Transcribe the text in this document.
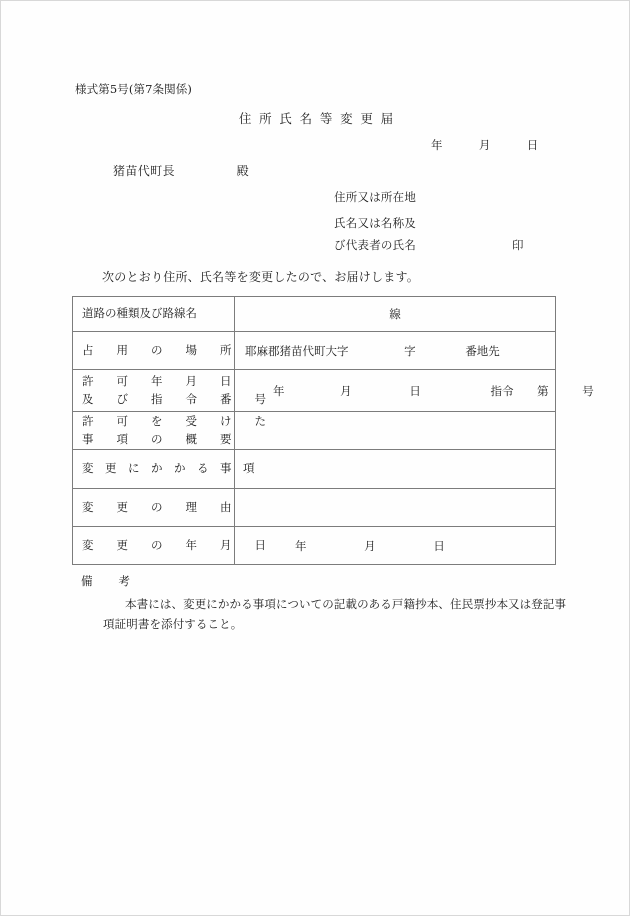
様式第5号(第7条関係)
住所氏名等変更届
年	月	日
猪苗代町長	殿
住所又は所在地
氏名又は名称及
び代表者の氏名	印
次のとおり住所、氏名等を変更したので、お届けします。
道路の種類及び路線名	線

占　用　の　場　所	耶麻郡猪苗代町大字 字 番地先

許　可　年　月　日
及　び　指　令　番　号	年 月 日 指令 第 号

許　可　を　受　け　た
事　項　の　概　要	

変　更　に　か　か　る　事　項	

変　更　の　理　由	

変　更　の　年　月　日	年 月 日
備 考
本書には、変更にかかる事項についての記載のある戸籍抄本、住民票抄本又は登記事項証明書を添付すること。
